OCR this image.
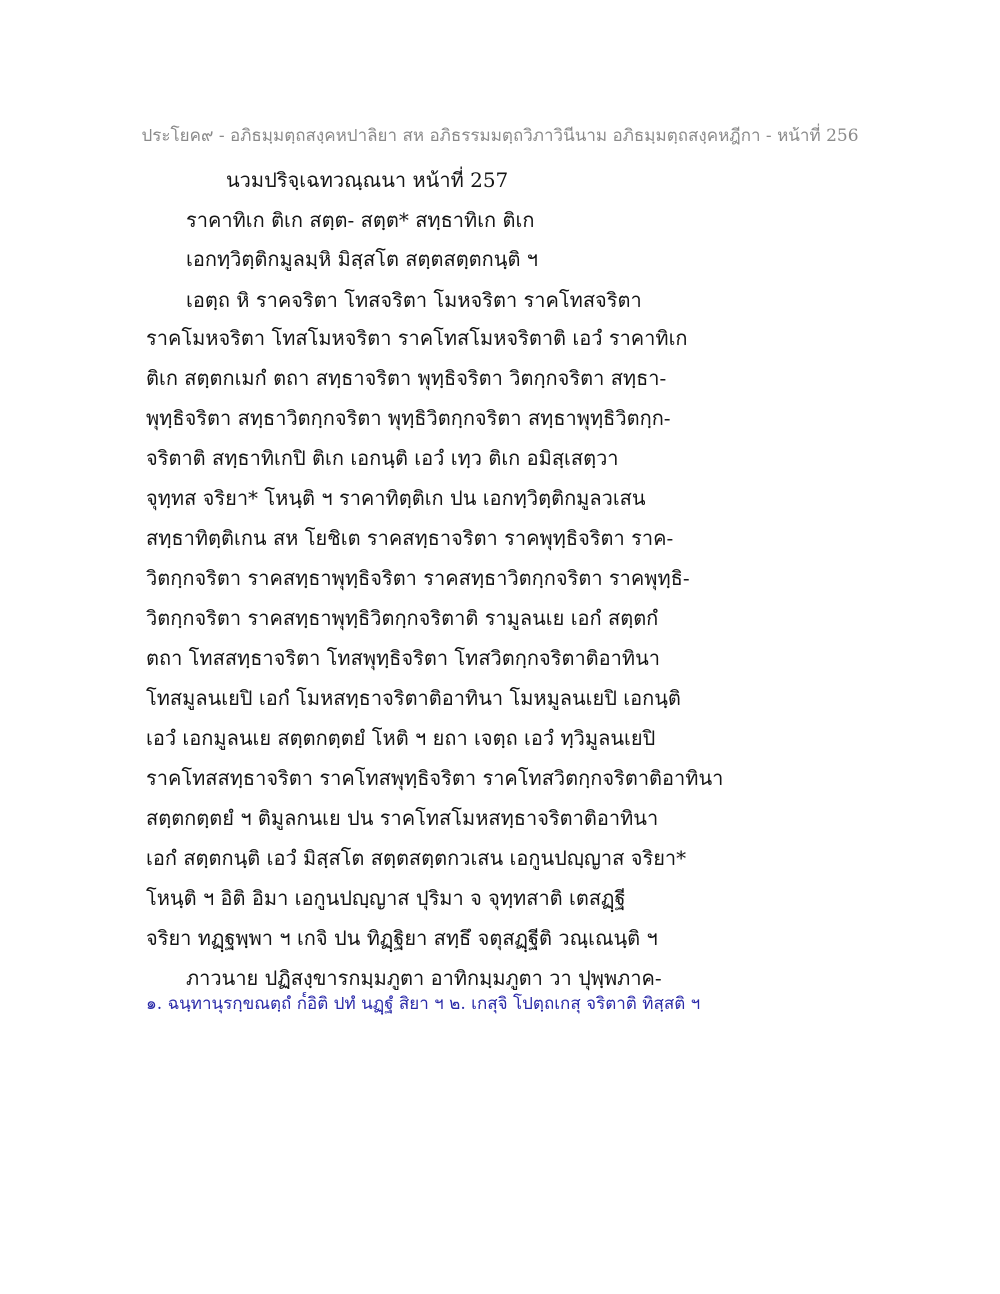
ประโยค๙ - อภิธมฺมตฺถสงฺคหปาลิยา สห อภิธรรมมตฺถวิภาวินีนาม อภิธมฺมตฺถสงฺคหฎีกา - หน้าที่ 256
นวมปริจฺเฉทวณฺณนา หน้าที่ 257
ราคาทิเก ติเก สตฺต- สตฺต* สทฺธาทิเก ติเก
เอกทฺวิตฺติกมูลมฺหิ มิสฺสโต สตฺตสตฺตกนฺติ ฯ
เอตฺถ หิ ราคจริตา โทสจริตา โมหจริตา ราคโทสจริตา
ราคโมหจริตา โทสโมหจริตา ราคโทสโมหจริตาติ เอวํ ราคาทิเก
ติเก สตฺตกเมกํ ตถา สทฺธาจริตา พุทฺธิจริตา วิตกฺกจริตา สทฺธา-
พุทฺธิจริตา สทฺธาวิตกฺกจริตา พุทฺธิวิตกฺกจริตา สทฺธาพุทฺธิวิตกฺก-
จริตาติ สทฺธาทิเกปิ ติเก เอกนฺติ เอวํ เทฺว ติเก อมิสฺเสตฺวา
จุทฺทส จริยา* โหนฺติ ฯ ราคาทิตฺติเก ปน เอกทฺวิตฺติกมูลวเสน
สทฺธาทิตฺติเกน สห โยชิเต ราคสทฺธาจริตา ราคพุทฺธิจริตา ราค-
วิตกฺกจริตา ราคสทฺธาพุทฺธิจริตา ราคสทฺธาวิตกฺกจริตา ราคพุทฺธิ-
วิตกฺกจริตา ราคสทฺธาพุทฺธิวิตกฺกจริตาติ รามูลนเย เอกํ สตฺตกํ
ตถา โทสสทฺธาจริตา โทสพุทฺธิจริตา โทสวิตกฺกจริตาติอาทินา
โทสมูลนเยปิ เอกํ โมหสทฺธาจริตาติอาทินา โมหมูลนเยปิ เอกนฺติ
เอวํ เอกมูลนเย สตฺตกตฺตยํ โหติ ฯ ยถา เจตฺถ เอวํ ทฺวิมูลนเยปิ
ราคโทสสทฺธาจริตา ราคโทสพุทฺธิจริตา ราคโทสวิตกฺกจริตาติอาทินา
สตฺตกตฺตยํ ฯ ติมูลกนเย ปน ราคโทสโมหสทฺธาจริตาติอาทินา
เอกํ สตฺตกนฺติ เอวํ มิสฺสโต สตฺตสตฺตกวเสน เอกูนปญฺญาส จริยา*
โหนฺติ ฯ อิติ อิมา เอกูนปญฺญาส ปุริมา จ จุทฺทสาติ เตสฏฺฐี
จริยา ทฏฺฐพฺพา ฯ เกจิ ปน ทิฏฺฐิยา สทฺธึ จตุสฏฺฐีติ วณฺเณนฺติ ฯ
ภาวนาย ปฏิสงฺขารกมฺมภูตา อาทิกมฺมภูตา วา ปุพฺพภาค-
๑. ฉนฺทานุรกฺขณตฺถํ ก๎อิติ ปทํ นฏฺฐํ สิยา ฯ ๒. เกสุจิ โปตฺถเกสุ จริตาติ ทิสฺสติ ฯ
